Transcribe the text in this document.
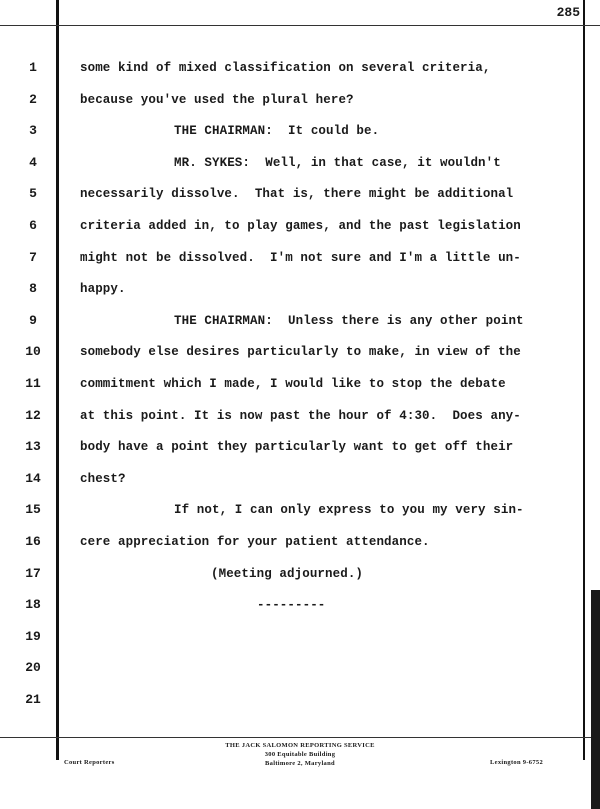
285
1	some kind of mixed classification on several criteria,
2	because you've used the plural here?
3	THE CHAIRMAN:  It could be.
4	MR. SYKES:  Well, in that case, it wouldn't
5	necessarily dissolve.  That is, there might be additional
6	criteria added in, to play games, and the past legislation
7	might not be dissolved.  I'm not sure and I'm a little un-
8	happy.
9	THE CHAIRMAN:  Unless there is any other point
10	somebody else desires particularly to make, in view of the
11	commitment which I made, I would like to stop the debate
12	at this point. It is now past the hour of 4:30.  Does any-
13	body have a point they particularly want to get off their
14	chest?
15	If not, I can only express to you my very sin-
16	cere appreciation for your patient attendance.
17	(Meeting adjourned.)
18	---------
19
20
21
THE JACK SALOMON REPORTING SERVICE
300 Equitable Building
Baltimore 2, Maryland
Court Reporters	Lexington 9-6752
